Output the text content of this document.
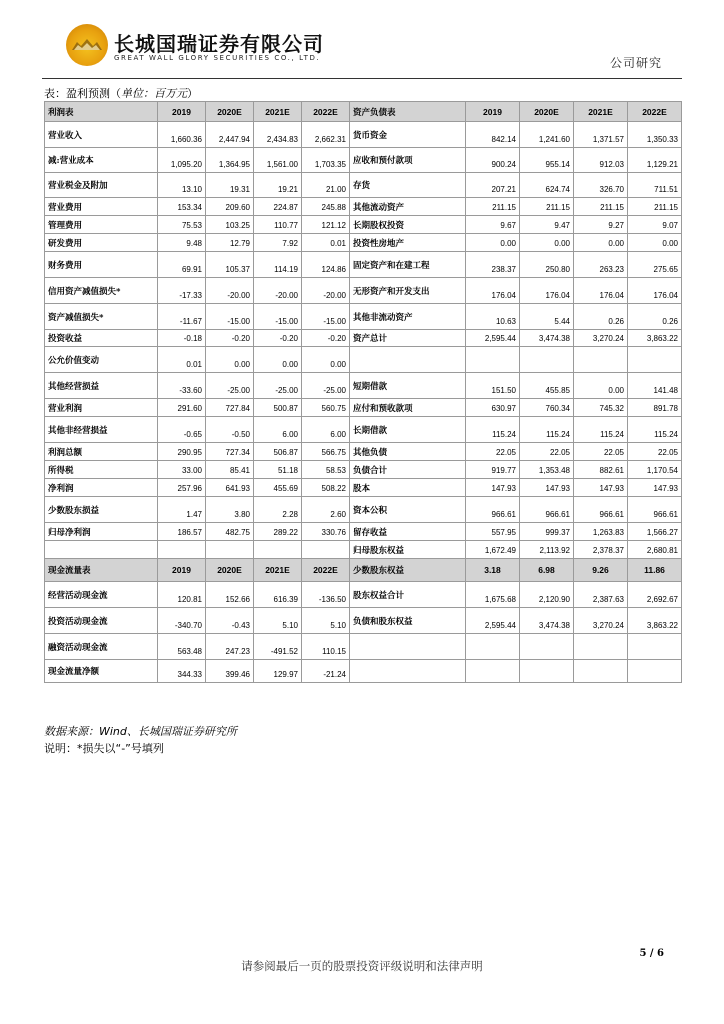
长城国瑞证券有限公司
GREAT WALL GLORY SECURITIES CO., LTD.	公司研究
表：盈利预测（单位：百万元）
利润表	2019	2020E	2021E	2022E	资产负债表	2019	2020E	2021E	2022E
营业收入	1,660.36	2,447.94	2,434.83	2,662.31	货币资金	842.14	1,241.60	1,371.57	1,350.33
减:营业成本	1,095.20	1,364.95	1,561.00	1,703.35	应收和预付款项	900.24	955.14	912.03	1,129.21
营业税金及附加	13.10	19.31	19.21	21.00	存货	207.21	624.74	326.70	711.51
营业费用	153.34	209.60	224.87	245.88	其他流动资产	211.15	211.15	211.15	211.15
管理费用	75.53	103.25	110.77	121.12	长期股权投资	9.67	9.47	9.27	9.07
研发费用	9.48	12.79	7.92	0.01	投资性房地产	0.00	0.00	0.00	0.00
财务费用	69.91	105.37	114.19	124.86	固定资产和在建工程	238.37	250.80	263.23	275.65
信用资产减值损失*	-17.33	-20.00	-20.00	-20.00	无形资产和开发支出	176.04	176.04	176.04	176.04
资产减值损失*	-11.67	-15.00	-15.00	-15.00	其他非流动资产	10.63	5.44	0.26	0.26
投资收益	-0.18	-0.20	-0.20	-0.20	资产总计	2,595.44	3,474.38	3,270.24	3,863.22
公允价值变动	0.01	0.00	0.00	0.00					
其他经营损益	-33.60	-25.00	-25.00	-25.00	短期借款	151.50	455.85	0.00	141.48
营业利润	291.60	727.84	500.87	560.75	应付和预收款项	630.97	760.34	745.32	891.78
其他非经营损益	-0.65	-0.50	6.00	6.00	长期借款	115.24	115.24	115.24	115.24
利润总额	290.95	727.34	506.87	566.75	其他负债	22.05	22.05	22.05	22.05
所得税	33.00	85.41	51.18	58.53	负债合计	919.77	1,353.48	882.61	1,170.54
净利润	257.96	641.93	455.69	508.22	股本	147.93	147.93	147.93	147.93
少数股东损益	1.47	3.80	2.28	2.60	资本公积	966.61	966.61	966.61	966.61
归母净利润	186.57	482.75	289.22	330.76	留存收益	557.95	999.37	1,263.83	1,566.27
					归母股东权益	1,672.49	2,113.92	2,378.37	2,680.81
现金流量表	2019	2020E	2021E	2022E	少数股东权益	3.18	6.98	9.26	11.86
经营活动现金流	120.81	152.66	616.39	-136.50	股东权益合计	1,675.68	2,120.90	2,387.63	2,692.67
投资活动现金流	-340.70	-0.43	5.10	5.10	负债和股东权益	2,595.44	3,474.38	3,270.24	3,863.22
融资活动现金流	563.48	247.23	-491.52	110.15					
现金流量净额	344.33	399.46	129.97	-21.24					
数据来源：Wind、长城国瑞证券研究所
说明：*损失以“-”号填列
5 / 6
请参阅最后一页的股票投资评级说明和法律声明
